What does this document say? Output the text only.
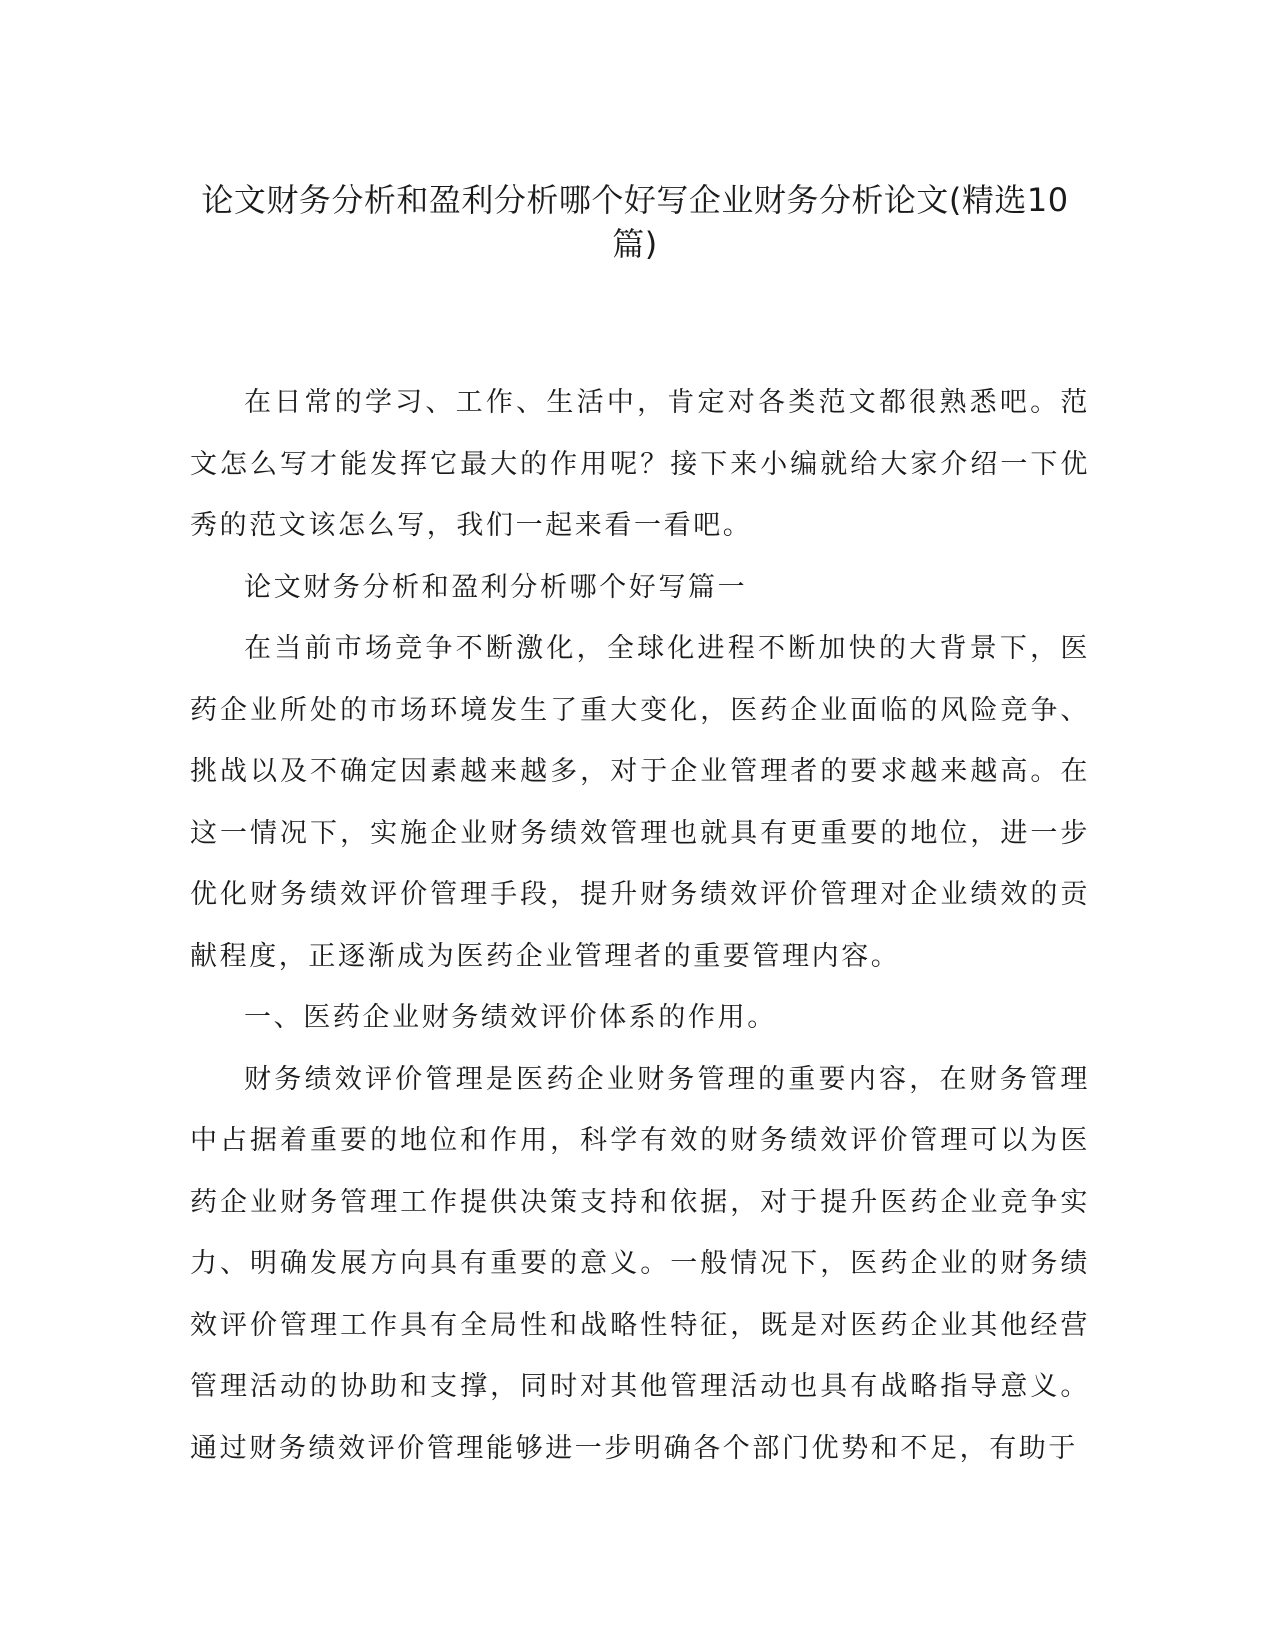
论文财务分析和盈利分析哪个好写企业财务分析论文(精选10篇)

在日常的学习、工作、生活中，肯定对各类范文都很熟悉吧。范文怎么写才能发挥它最大的作用呢？接下来小编就给大家介绍一下优秀的范文该怎么写，我们一起来看一看吧。

论文财务分析和盈利分析哪个好写篇一

在当前市场竞争不断激化，全球化进程不断加快的大背景下，医药企业所处的市场环境发生了重大变化，医药企业面临的风险竞争、挑战以及不确定因素越来越多，对于企业管理者的要求越来越高。在这一情况下，实施企业财务绩效管理也就具有更重要的地位，进一步优化财务绩效评价管理手段，提升财务绩效评价管理对企业绩效的贡献程度，正逐渐成为医药企业管理者的重要管理内容。

一、医药企业财务绩效评价体系的作用。

财务绩效评价管理是医药企业财务管理的重要内容，在财务管理中占据着重要的地位和作用，科学有效的财务绩效评价管理可以为医药企业财务管理工作提供决策支持和依据，对于提升医药企业竞争实力、明确发展方向具有重要的意义。一般情况下，医药企业的财务绩效评价管理工作具有全局性和战略性特征，既是对医药企业其他经营管理活动的协助和支撑，同时对其他管理活动也具有战略指导意义。通过财务绩效评价管理能够进一步明确各个部门优势和不足，有助于
